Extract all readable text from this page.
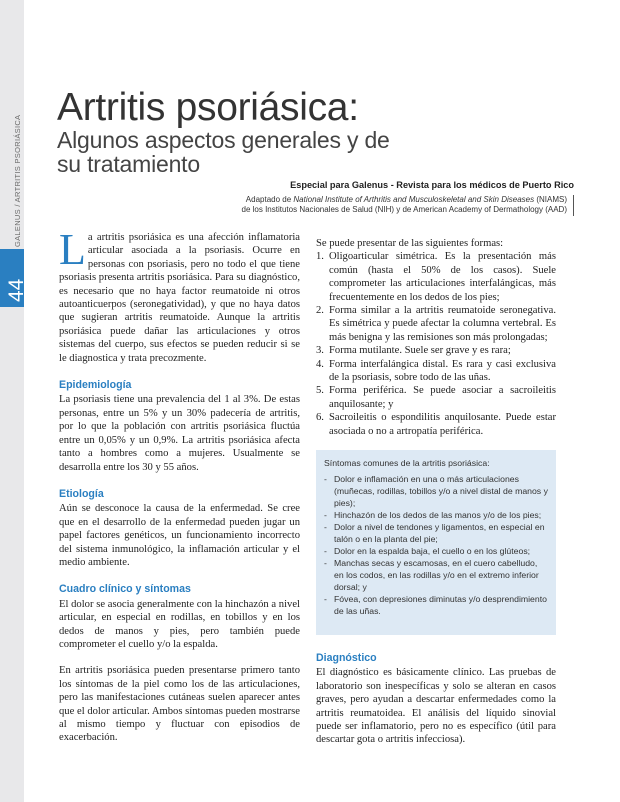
GALENUS / ARTRITIS PSORIÁSICA
44
Artritis psoriásica:
Algunos aspectos generales y de su tratamiento
Especial para Galenus - Revista para los médicos de Puerto Rico
Adaptado de National Institute of Arthritis and Musculoskeletal and Skin Diseases (NIAMS) de los Institutos Nacionales de Salud (NIH) y de American Academy of Dermathology (AAD)

La artritis psoriásica es una afección inflamatoria articular asociada a la psoriasis. Ocurre en personas con psoriasis, pero no todo el que tiene psoriasis presenta artritis psoriásica. Para su diagnóstico, es necesario que no haya factor reumatoide ni otros autoanticuerpos (seronegatividad), y que no haya datos que sugieran artritis reumatoide. Aunque la artritis psoriásica puede dañar las articulaciones y otros sistemas del cuerpo, sus efectos se pueden reducir si se le diagnostica y trata precozmente.

Epidemiología

La psoriasis tiene una prevalencia del 1 al 3%. De estas personas, entre un 5% y un 30% padecería de artritis, por lo que la población con artritis psoriásica fluctúa entre un 0,05% y un 0,9%. La artritis psoriásica afecta tanto a hombres como a mujeres. Usualmente se desarrolla entre los 30 y 55 años.

Etiología

Aún se desconoce la causa de la enfermedad. Se cree que en el desarrollo de la enfermedad pueden jugar un papel factores genéticos, un funcionamiento incorrecto del sistema inmunológico, la inflamación articular y el medio ambiente.

Cuadro clínico y síntomas

El dolor se asocia generalmente con la hinchazón a nivel articular, en especial en rodillas, en tobillos y en los dedos de manos y pies, pero también puede comprometer el cuello y/o la espalda.

En artritis psoriásica pueden presentarse primero tanto los síntomas de la piel como los de las articulaciones, pero las manifestaciones cutáneas suelen aparecer antes que el dolor articular. Ambos síntomas pueden mostrarse al mismo tiempo y fluctuar con episodios de exacerbación.

Se puede presentar de las siguientes formas:

1. Oligoarticular simétrica. Es la presentación más común (hasta el 50% de los casos). Suele comprometer las articulaciones interfalángicas, más frecuentemente en los dedos de los pies;
2. Forma similar a la artritis reumatoide seronegativa. Es simétrica y puede afectar la columna vertebral. Es más benigna y las remisiones son más prolongadas;
3. Forma mutilante. Suele ser grave y es rara;
4. Forma interfalángica distal. Es rara y casi exclusiva de la psoriasis, sobre todo de las uñas.
5. Forma periférica. Se puede asociar a sacroileitis anquilosante; y
6. Sacroileitis o espondilitis anquilosante. Puede estar asociada o no a artropatía periférica.
Síntomas comunes de la artritis psoriásica:
- Dolor e inflamación en una o más articulaciones (muñecas, rodillas, tobillos y/o a nivel distal de manos y pies);
- Hinchazón de los dedos de las manos y/o de los pies;
- Dolor a nivel de tendones y ligamentos, en especial en talón o en la planta del pie;
- Dolor en la espalda baja, el cuello o en los glúteos;
- Manchas secas y escamosas, en el cuero cabelludo, en los codos, en las rodillas y/o en el extremo inferior dorsal; y
- Fóvea, con depresiones diminutas y/o desprendimiento de las uñas.
Diagnóstico

El diagnóstico es básicamente clínico. Las pruebas de laboratorio son inespecíficas y solo se alteran en casos graves, pero ayudan a descartar enfermedades como la artritis reumatoidea. El análisis del líquido sinovial puede ser inflamatorio, pero no es específico (útil para descartar gota o artritis infecciosa).
